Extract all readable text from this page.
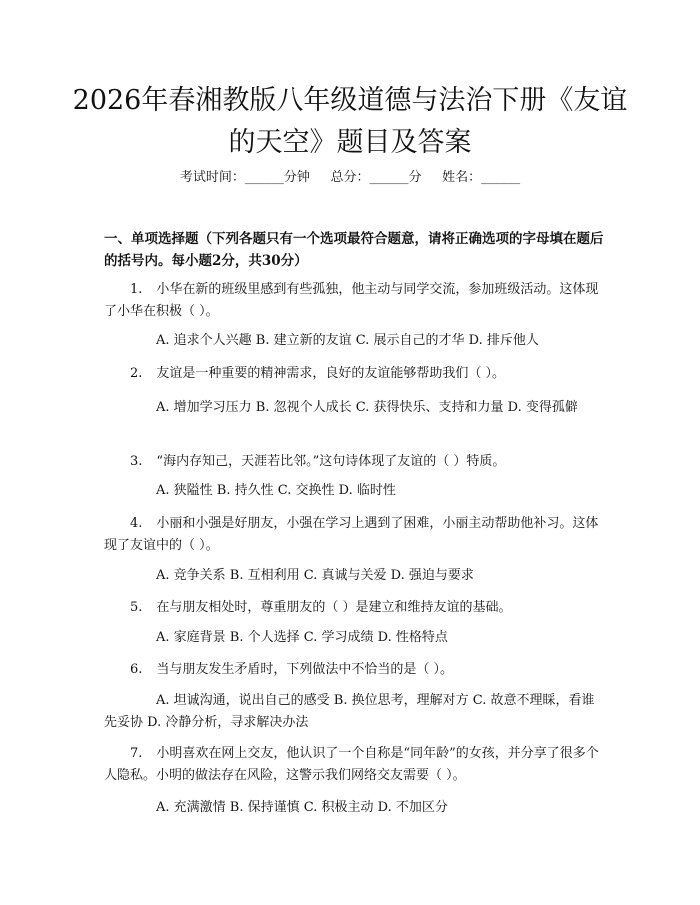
2026年春湘教版八年级道德与法治下册《友谊的天空》题目及答案
考试时间：______分钟     总分：______分     姓名：______

一、单项选择题（下列各题只有一个选项最符合题意，请将正确选项的字母填在题后的括号内。每小题2分，共30分）

1 . 小华在新的班级里感到有些孤独，他主动与同学交流，参加班级活动。这体现了小华在积极（ ）。

A. 追求个人兴趣 B. 建立新的友谊 C. 展示自己的才华 D. 排斥他人

2 . 友谊是一种重要的精神需求，良好的友谊能够帮助我们（ ）。

A. 增加学习压力 B. 忽视个人成长 C. 获得快乐、支持和力量 D. 变得孤僻

3 . “海内存知己，天涯若比邻。”这句诗体现了友谊的（ ）特质。

A. 狭隘性 B. 持久性 C. 交换性 D. 临时性

4 . 小丽和小强是好朋友，小强在学习上遇到了困难，小丽主动帮助他补习。这体现了友谊中的（ ）。

A. 竞争关系 B. 互相利用 C. 真诚与关爱 D. 强迫与要求

5 . 在与朋友相处时，尊重朋友的（ ）是建立和维持友谊的基础。

A. 家庭背景 B. 个人选择 C. 学习成绩 D. 性格特点

6 . 当与朋友发生矛盾时，下列做法中不恰当的是（ ）。

A. 坦诚沟通，说出自己的感受 B. 换位思考，理解对方 C. 故意不理睬，看谁先妥协 D. 冷静分析，寻求解决办法

7 . 小明喜欢在网上交友，他认识了一个自称是“同年龄”的女孩，并分享了很多个人隐私。小明的做法存在风险，这警示我们网络交友需要（ ）。

A. 充满激情 B. 保持谨慎 C. 积极主动 D. 不加区分
